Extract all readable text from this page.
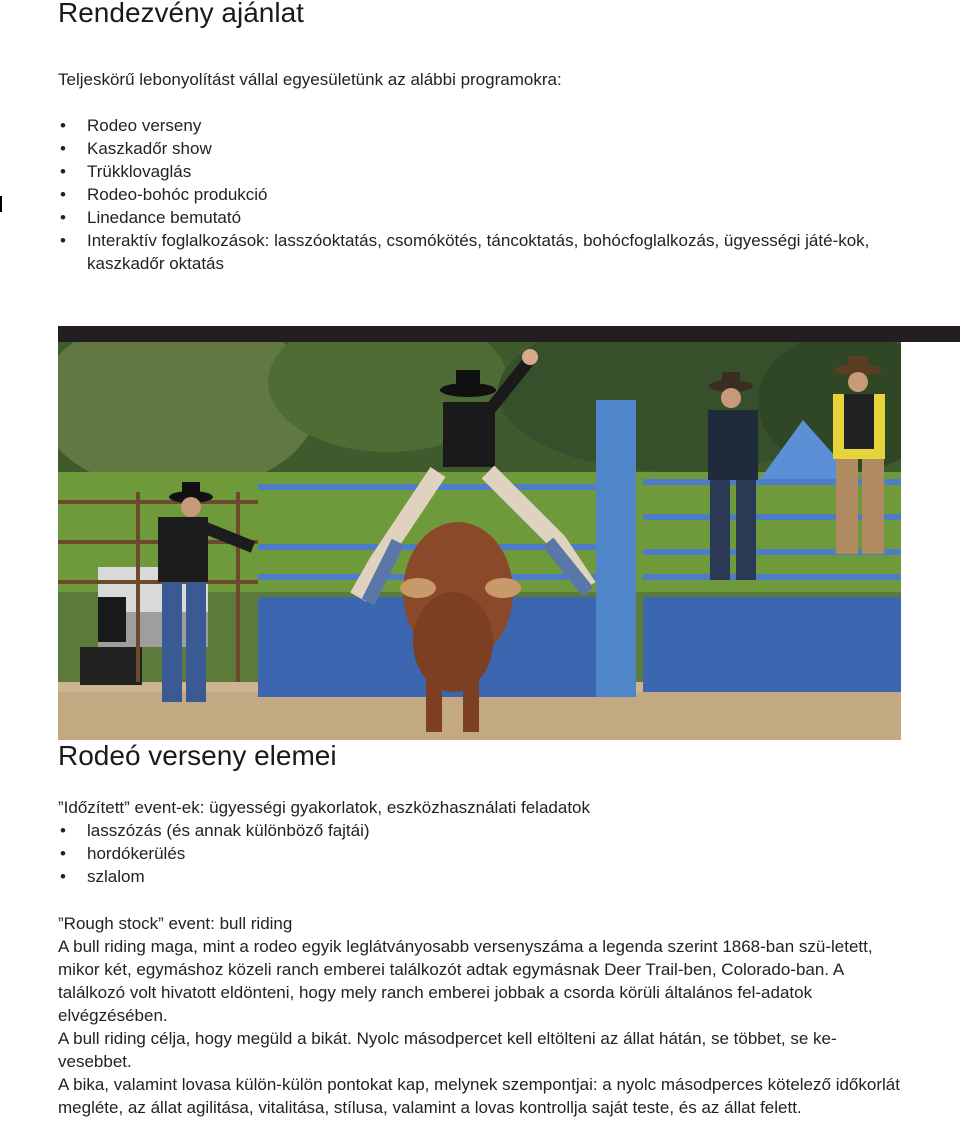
Rendezvény ajánlat
Teljeskörű lebonyolítást vállal egyesületünk az alábbi programokra:
• Rodeo verseny
• Kaszkadőr show
• Trükklovaglás
• Rodeo-bohóc produkció
• Linedance bemutató
• Interaktív foglalkozások: lasszóoktatás, csomókötés, táncoktatás, bohócfoglalkozás, ügyességi játé-kok, kaszkadőr oktatás
Rodeó verseny elemei
”Időzített” event-ek: ügyességi gyakorlatok, eszközhasználati feladatok
• lasszózás (és annak különböző fajtái)
• hordókerülés
• szlalom

”Rough stock” event: bull riding

A bull riding maga, mint a rodeo egyik leglátványosabb versenyszáma a legenda szerint 1868-ban szü-letett, mikor két, egymáshoz közeli ranch emberei találkozót adtak egymásnak Deer Trail-ben, Colorado-ban. A találkozó volt hivatott eldönteni, hogy mely ranch emberei jobbak a csorda körüli általános fel-adatok elvégzésében.

A bull riding célja, hogy megüld a bikát. Nyolc másodpercet kell eltölteni az állat hátán, se többet, se ke-vesebbet.

A bika, valamint lovasa külön-külön pontokat kap, melynek szempontjai: a nyolc másodperces kötelező időkorlát megléte, az állat agilitása, vitalitása, stílusa, valamint a lovas kontrollja saját teste, és az állat felett.
